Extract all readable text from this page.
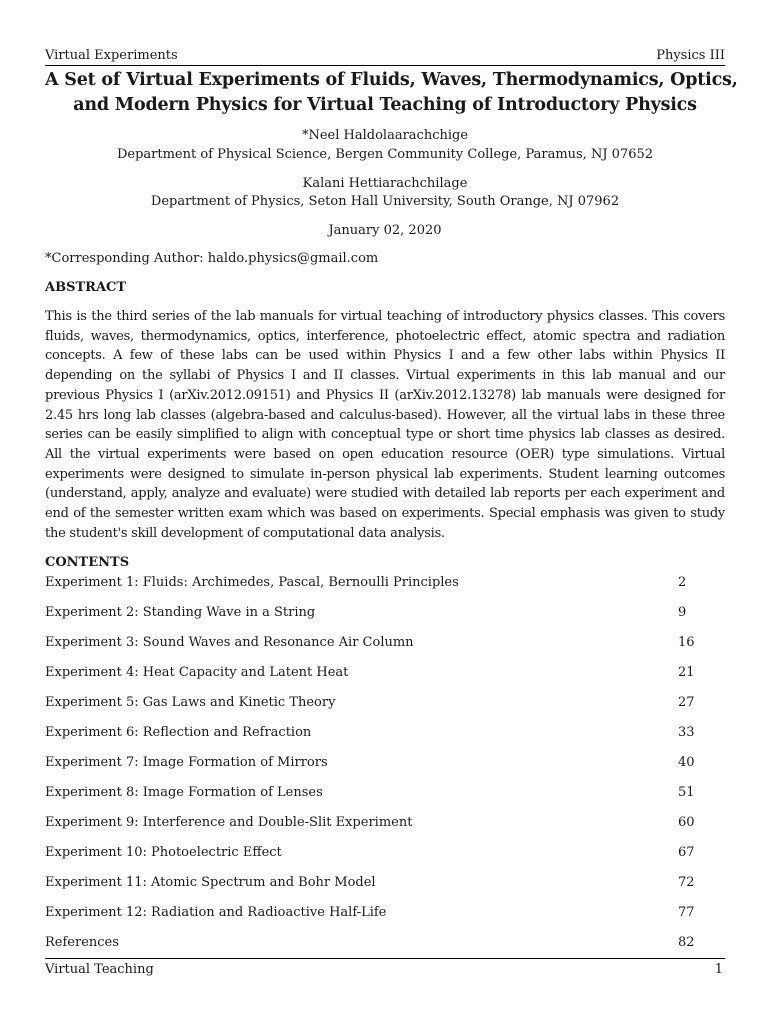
Virtual Experiments	Physics III
A Set of Virtual Experiments of Fluids, Waves, Thermodynamics, Optics,
and Modern Physics for Virtual Teaching of Introductory Physics
*Neel Haldolaarachchige
Department of Physical Science, Bergen Community College, Paramus, NJ 07652
Kalani Hettiarachchilage
Department of Physics, Seton Hall University, South Orange, NJ 07962
January 02, 2020
*Corresponding Author: haldo.physics@gmail.com
ABSTRACT
This is the third series of the lab manuals for virtual teaching of introductory physics classes. This covers fluids, waves, thermodynamics, optics, interference, photoelectric effect, atomic spectra and radiation concepts. A few of these labs can be used within Physics I and a few other labs within Physics II depending on the syllabi of Physics I and II classes. Virtual experiments in this lab manual and our previous Physics I (arXiv.2012.09151) and Physics II (arXiv.2012.13278) lab manuals were designed for 2.45 hrs long lab classes (algebra-based and calculus-based). However, all the virtual labs in these three series can be easily simplified to align with conceptual type or short time physics lab classes as desired. All the virtual experiments were based on open education resource (OER) type simulations. Virtual experiments were designed to simulate in-person physical lab experiments. Student learning outcomes (understand, apply, analyze and evaluate) were studied with detailed lab reports per each experiment and end of the semester written exam which was based on experiments. Special emphasis was given to study the student's skill development of computational data analysis.
CONTENTS
Experiment 1: Fluids: Archimedes, Pascal, Bernoulli Principles	2
Experiment 2: Standing Wave in a String	9
Experiment 3: Sound Waves and Resonance Air Column	16
Experiment 4: Heat Capacity and Latent Heat	21
Experiment 5: Gas Laws and Kinetic Theory	27
Experiment 6: Reflection and Refraction	33
Experiment 7: Image Formation of Mirrors	40
Experiment 8: Image Formation of Lenses	51
Experiment 9: Interference and Double-Slit Experiment	60
Experiment 10: Photoelectric Effect	67
Experiment 11: Atomic Spectrum and Bohr Model	72
Experiment 12: Radiation and Radioactive Half-Life	77
References	82
Virtual Teaching	1
